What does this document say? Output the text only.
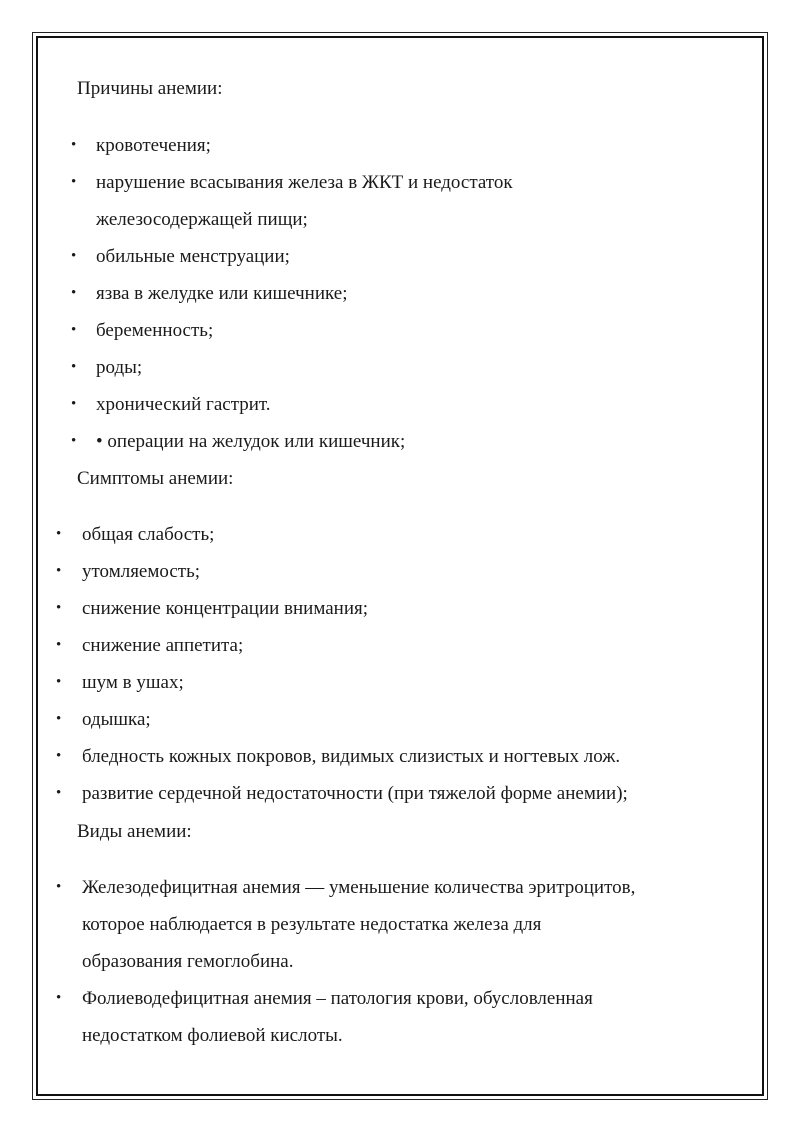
Причины анемии:
• кровотечения;
• нарушение всасывания железа в ЖКТ и недостаток
железосодержащей пищи;
• обильные менструации;
• язва в желудке или кишечнике;
• беременность;
• роды;
• хронический гастрит.
• • операции на желудок или кишечник;
Симптомы анемии:
• общая слабость;
• утомляемость;
• снижение концентрации внимания;
• снижение аппетита;
• шум в ушах;
• одышка;
• бледность кожных покровов, видимых слизистых и ногтевых лож.
• развитие сердечной недостаточности (при тяжелой форме анемии);
Виды анемии:
• Железодефицитная анемия — уменьшение количества эритроцитов,
которое наблюдается в результате недостатка железа для
образования гемоглобина.
• Фолиеводефицитная анемия – патология крови, обусловленная
недостатком фолиевой кислоты.
